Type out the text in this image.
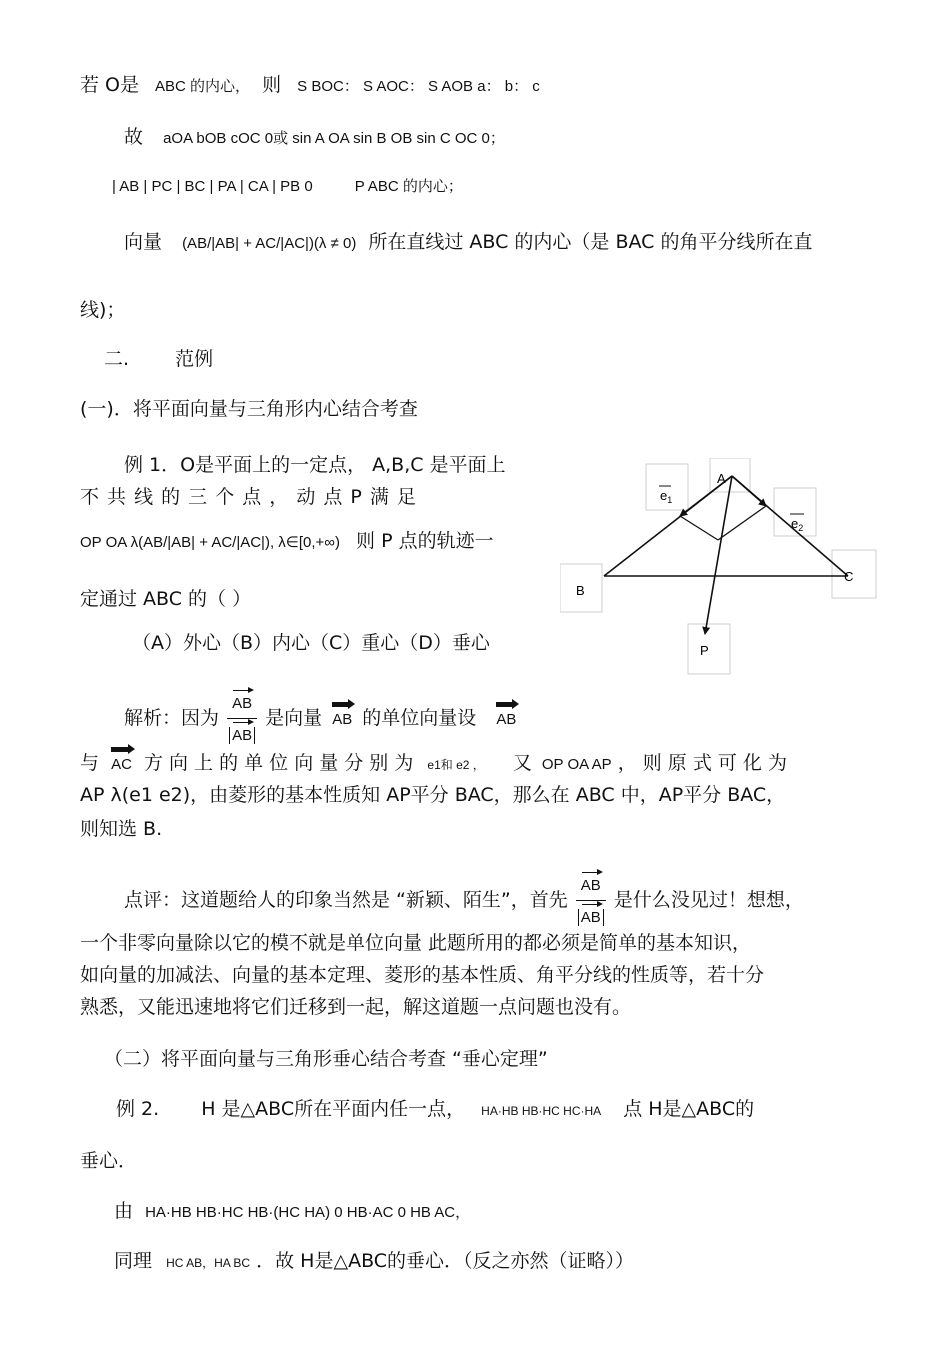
若 O是 ABC 的内心， 则 S BOC： S AOC： S AOB a： b： c
故 aOA bOB cOC 0或 sin A OA sin B OB sin C OC 0；
| AB | PC | BC | PA | CA | PB 0	P ABC 的内心；
向量 (AB/|AB| + AC/|AC|)(λ ≠ 0) 所在直线过 ABC 的内心（是 BAC 的角平分线所在直
线)；
二. 范例
(一)．将平面向量与三角形内心结合考查
例 1．O是平面上的一定点， A,B,C 是平面上
不 共 线 的 三 个 点 ， 动 点 P 满 足
OP OA λ(AB/|AB| + AC/|AC|), λ∈[0,+∞) 则 P 点的轨迹一
定通过 ABC 的（ ）
（A）外心（B）内心（C）重心（D）垂心
A
B
C
P
$e_1$
$e_2$
解析：因为 $\frac{AB}{AB}$ 是向量 AB 的单位向量设 AB
与 AC 方 向 上 的 单 位 向 量 分 别 为 e1和 e2 ， 又 OP OA AP ， 则 原 式 可 化 为
AP λ(e1 e2)，由菱形的基本性质知 AP平分 BAC，那么在 ABC 中，AP平分 BAC，
则知选 B.
点评：这道题给人的印象当然是 “新颖、陌生”，首先 $\frac{AB}{AB}$ 是什么没见过！想想，
一个非零向量除以它的模不就是单位向量 此题所用的都必须是简单的基本知识，
如向量的加减法、向量的基本定理、菱形的基本性质、角平分线的性质等，若十分
熟悉，又能迅速地将它们迁移到一起，解这道题一点问题也没有。
（二）将平面向量与三角形垂心结合考查 “垂心定理”
例 2. H 是△ABC所在平面内任一点， HA·HB HB·HC HC·HA 点 H是△ABC的
垂心．
由 HA·HB HB·HC HB·(HC HA) 0 HB·AC 0 HB AC，
同理 HC AB，HA BC ．故 H是△ABC的垂心．（反之亦然（证略））
